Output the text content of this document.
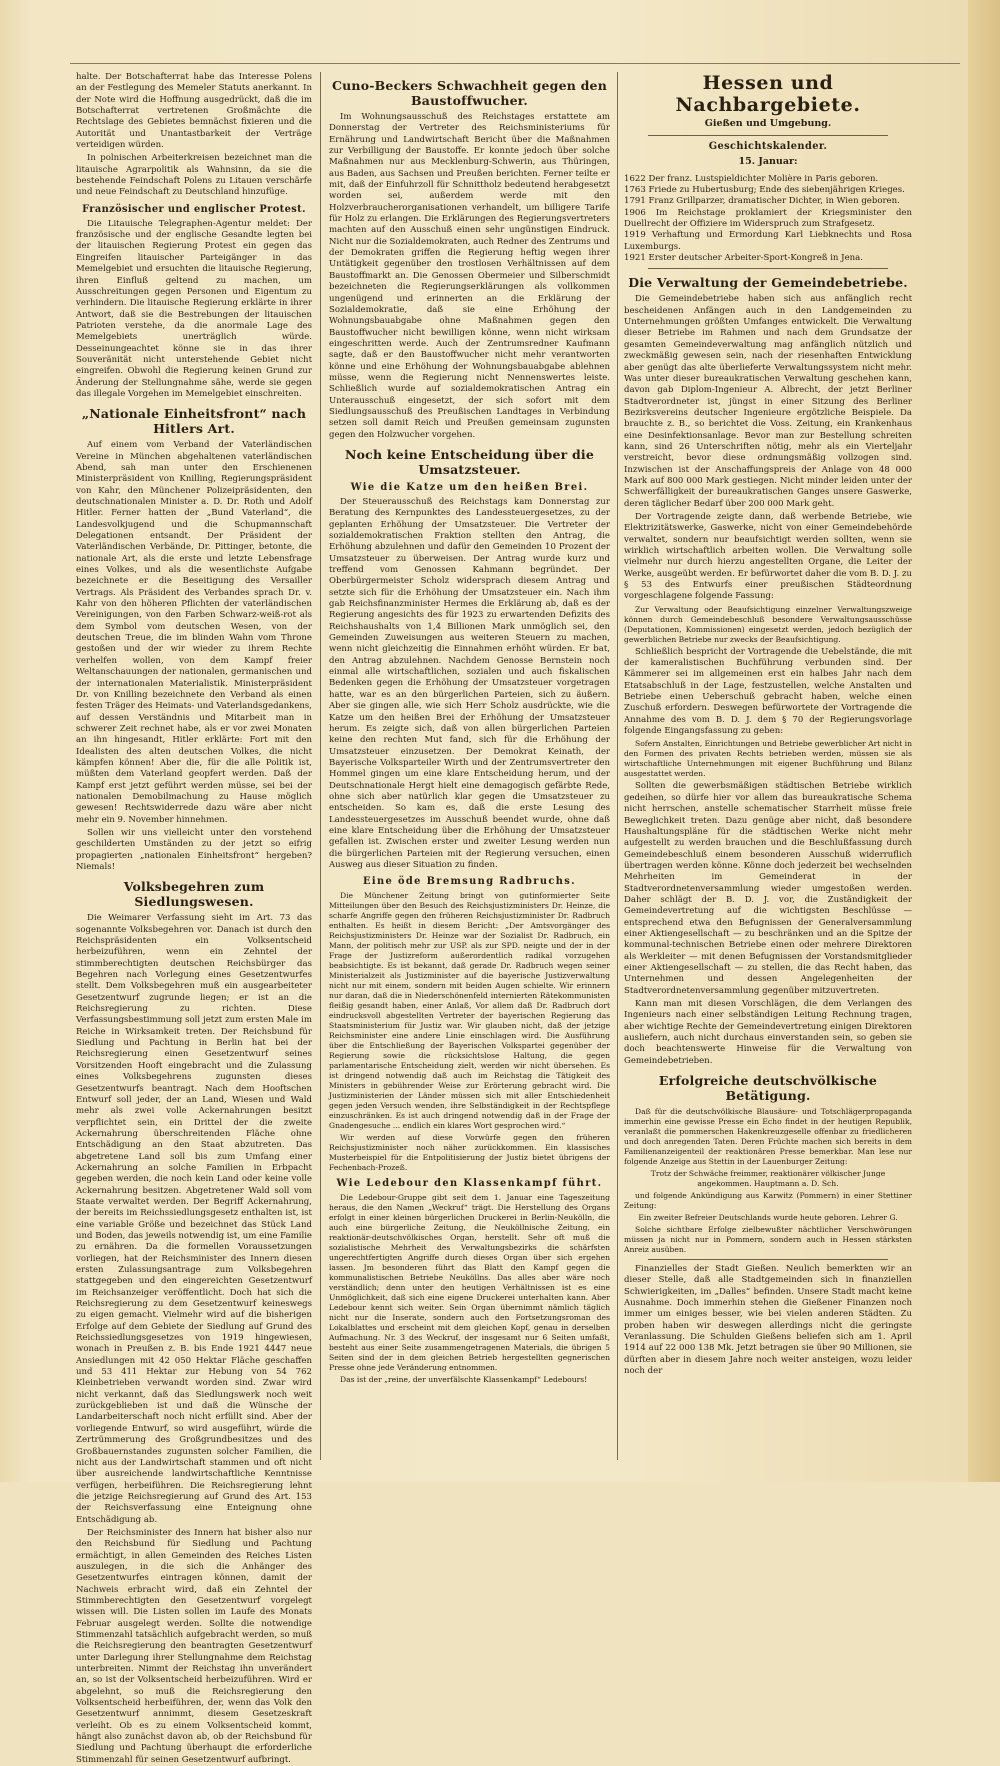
halte. Der Botschafterrat habe das Interesse Polens an der Festlegung des Memeler Statuts anerkannt. In der Note wird die Hoffnung ausgedrückt, daß die im Botschafterrat vertretenen Großmächte die Rechtslage des Gebietes bemnächst fixieren und die Autorität und Unantastbarkeit der Verträge verteidigen würden.

In polnischen Arbeiterkreisen bezeichnet man die litauische Agrarpolitik als Wahnsinn, da sie die bestehende Feindschaft Polens zu Litauen verschärfe und neue Feindschaft zu Deutschland hinzufüge.

Französischer und englischer Protest.

Die Litauische Telegraphen-Agentur meldet: Der französische und der englische Gesandte legten bei der litauischen Regierung Protest ein gegen das Eingreifen litauischer Parteigänger in das Memelgebiet und ersuchten die litauische Regierung, ihren Einfluß geltend zu machen, um Ausschreitungen gegen Personen und Eigentum zu verhindern. Die litauische Regierung erklärte in ihrer Antwort, daß sie die Bestrebungen der litauischen Patrioten verstehe, da die anormale Lage des Memelgebiets unerträglich würde. Desseinungeachtet könne sie in das ihrer Souveränität nicht unterstehende Gebiet nicht eingreifen. Obwohl die Regierung keinen Grund zur Änderung der Stellungnahme sähe, werde sie gegen das illegale Vorgehen im Memelgebiet einschreiten.

„Nationale Einheitsfront“ nach Hitlers Art.

Auf einem vom Verband der Vaterländischen Vereine in München abgehaltenen vaterländischen Abend, sah man unter den Erschienenen Ministerpräsident von Knilling, Regierungspräsident von Kahr, den Münchener Polizeipräsidenten, den deutschnationalen Minister a. D. Dr. Roth und Adolf Hitler. Ferner hatten der „Bund Vaterland“, die Landesvolkjugend und die Schupmannschaft Delegationen entsandt. Der Präsident der Vaterländischen Verbände, Dr. Pittinger, betonte, die nationale Art, als die erste und letzte Lebensfrage eines Volkes, und als die wesentlichste Aufgabe bezeichnete er die Beseitigung des Versailler Vertrags. Als Präsident des Verbandes sprach Dr. v. Kahr von den höheren Pflichten der vaterländischen Vereinigungen, von den Farben Schwarz-weiß-rot als dem Symbol vom deutschen Wesen, von der deutschen Treue, die im blinden Wahn vom Throne gestoßen und der wir wieder zu ihrem Rechte verhelfen wollen, von dem Kampf freier Weltanschauungen der nationalen, germanischen und der internationalen Materialistik. Ministerpräsident Dr. von Knilling bezeichnete den Verband als einen festen Träger des Heimats- und Vaterlandsgedankens, auf dessen Verständnis und Mitarbeit man in schwerer Zeit rechnet habe, als er vor zwei Monaten an ihn hingesandt, Hitler erklärte: Fort mit den Idealisten des alten deutschen Volkes, die nicht kämpfen können! Aber die, für die alle Politik ist, müßten dem Vaterland geopfert werden. Daß der Kampf erst jetzt geführt werden müsse, sei bei der nationalen Demobilmachung zu Hause möglich gewesen! Rechtswiderrede dazu wäre aber nicht mehr ein 9. November hinnehmen.

Sollen wir uns vielleicht unter den vorstehend geschilderten Umständen zu der jetzt so eifrig propagierten „nationalen Einheitsfront“ hergeben? Niemals!

Volksbegehren zum Siedlungswesen.

Die Weimarer Verfassung sieht im Art. 73 das sogenannte Volksbegehren vor. Danach ist durch den Reichspräsidenten ein Volksentscheid herbeizuführen, wenn ein Zehntel der stimmberechtigten deutschen Reichsbürger das Begehren nach Vorlegung eines Gesetzentwurfes stellt. Dem Volksbegehren muß ein ausgearbeiteter Gesetzentwurf zugrunde liegen; er ist an die Reichsregierung zu richten. Diese Verfassungsbestimmung soll jetzt zum ersten Male im Reiche in Wirksamkeit treten. Der Reichsbund für Siedlung und Pachtung in Berlin hat bei der Reichsregierung einen Gesetzentwurf seines Vorsitzenden Hooft eingebracht und die Zulassung eines Volksbegehrens zugunsten dieses Gesetzentwurfs beantragt. Nach dem Hooftschen Entwurf soll jeder, der an Land, Wiesen und Wald mehr als zwei volle Ackernahrungen besitzt verpflichtet sein, ein Drittel der die zweite Ackernahrung überschreitenden Fläche ohne Entschädigung an den Staat abzutreten. Das abgetretene Land soll bis zum Umfang einer Ackernahrung an solche Familien in Erbpacht gegeben werden, die noch kein Land oder keine volle Ackernahrung besitzen. Abgetretener Wald soll vom Staate verwaltet werden. Der Begriff Ackernahrung, der bereits im Reichssiedlungsgesetz enthalten ist, ist eine variable Größe und bezeichnet das Stück Land und Boden, das jeweils notwendig ist, um eine Familie zu ernähren. Da die formellen Voraussetzungen vorliegen, hat der Reichsminister des Innern diesen ersten Zulassungsantrage zum Volksbegehren stattgegeben und den eingereichten Gesetzentwurf im Reichsanzeiger veröffentlicht. Doch hat sich die Reichsregierung zu dem Gesetzentwurf keineswegs zu eigen gemacht. Vielmehr wird auf die bisherigen Erfolge auf dem Gebiete der Siedlung auf Grund des Reichssiedlungsgesetzes von 1919 hingewiesen, wonach in Preußen z. B. bis Ende 1921 4447 neue Ansiedlungen mit 42 050 Hektar Fläche geschaffen und 53 411 Hektar zur Hebung von 54 762 Kleinbetrieben verwandt worden sind. Zwar wird nicht verkannt, daß das Siedlungswerk noch weit zurückgeblieben ist und daß die Wünsche der Landarbeiterschaft noch nicht erfüllt sind. Aber der vorliegende Entwurf, so wird ausgeführt, würde die Zertrümmerung des Großgrundbesitzes und des Großbauernstandes zugunsten solcher Familien, die nicht aus der Landwirtschaft stammen und oft nicht über ausreichende landwirtschaftliche Kenntnisse verfügen, herbeiführen. Die Reichsregierung lehnt die jetzige Reichsregierung auf Grund des Art. 153 der Reichsverfassung eine Enteignung ohne Entschädigung ab.

Der Reichsminister des Innern hat bisher also nur den Reichsbund für Siedlung und Pachtung ermächtigt, in allen Gemeinden des Reiches Listen auszulegen, in die sich die Anhänger des Gesetzentwurfes eintragen können, damit der Nachweis erbracht wird, daß ein Zehntel der Stimmberechtigten den Gesetzentwurf vorgelegt wissen will. Die Listen sollen im Laufe des Monats Februar ausgelegt werden. Sollte die notwendige Stimmenzahl tatsächlich aufgebracht werden, so muß die Reichsregierung den beantragten Gesetzentwurf unter Darlegung ihrer Stellungnahme dem Reichstag unterbreiten. Nimmt der Reichstag ihn unverändert an, so ist der Volksentscheid herbeizuführen. Wird er abgelehnt, so muß die Reichsregierung den Volksentscheid herbeiführen, der, wenn das Volk den Gesetzentwurf annimmt, diesem Gesetzeskraft verleiht. Ob es zu einem Volksentscheid kommt, hängt also zunächst davon ab, ob der Reichsbund für Siedlung und Pachtung überhaupt die erforderliche Stimmenzahl für seinen Gesetzentwurf aufbringt.

Cuno-Beckers Schwachheit gegen den Baustoffwucher.

Im Wohnungsausschuß des Reichstages erstattete am Donnerstag der Vertreter des Reichsministeriums für Ernährung und Landwirtschaft Bericht über die Maßnahmen zur Verbilligung der Baustoffe. Er konnte jedoch über solche Maßnahmen nur aus Mecklenburg-Schwerin, aus Thüringen, aus Baden, aus Sachsen und Preußen berichten. Ferner teilte er mit, daß der Einfuhrzoll für Schnittholz bedeutend herabgesetzt worden sei, außerdem werde mit den Holzverbraucherorganisationen verhandelt, um billigere Tarife für Holz zu erlangen. Die Erklärungen des Regierungsvertreters machten auf den Ausschuß einen sehr ungünstigen Eindruck. Nicht nur die Sozialdemokraten, auch Redner des Zentrums und der Demokraten griffen die Regierung heftig wegen ihrer Untätigkeit gegenüber den trostlosen Verhältnissen auf dem Baustoffmarkt an. Die Genossen Obermeier und Silberschmidt bezeichneten die Regierungserklärungen als vollkommen ungenügend und erinnerten an die Erklärung der Sozialdemokratie, daß sie eine Erhöhung der Wohnungsbauabgabe ohne Maßnahmen gegen den Baustoffwucher nicht bewilligen könne, wenn nicht wirksam eingeschritten werde. Auch der Zentrumsredner Kaufmann sagte, daß er den Baustoffwucher nicht mehr verantworten könne und eine Erhöhung der Wohnungsbauabgabe ablehnen müsse, wenn die Regierung nicht Nennenswertes leiste. Schließlich wurde auf sozialdemokratischen Antrag ein Unterausschuß eingesetzt, der sich sofort mit dem Siedlungsausschuß des Preußischen Landtages in Verbindung setzen soll damit Reich und Preußen gemeinsam zugunsten gegen den Holzwucher vorgehen.

Noch keine Entscheidung über die Umsatzsteuer.
Wie die Katze um den heißen Brei.

Der Steuerausschuß des Reichstags kam Donnerstag zur Beratung des Kernpunktes des Landessteuergesetzes, zu der geplanten Erhöhung der Umsatzsteuer. Die Vertreter der sozialdemokratischen Fraktion stellten den Antrag, die Erhöhung abzulehnen und dafür den Gemeinden 10 Prozent der Umsatzsteuer zu überweisen. Der Antrag wurde kurz und treffend vom Genossen Kahmann begründet. Der Oberbürgermeister Scholz widersprach diesem Antrag und setzte sich für die Erhöhung der Umsatzsteuer ein. Nach ihm gab Reichsfinanzminister Hermes die Erklärung ab, daß es der Regierung angesichts des für 1923 zu erwartenden Defizits des Reichshaushalts von 1,4 Billionen Mark unmöglich sei, den Gemeinden Zuweisungen aus weiteren Steuern zu machen, wenn nicht gleichzeitig die Einnahmen erhöht würden. Er bat, den Antrag abzulehnen. Nachdem Genosse Bernstein noch einmal alle wirtschaftlichen, sozialen und auch fiskalischen Bedenken gegen die Erhöhung der Umsatzsteuer vorgetragen hatte, war es an den bürgerlichen Parteien, sich zu äußern. Aber sie gingen alle, wie sich Herr Scholz ausdrückte, wie die Katze um den heißen Brei der Erhöhung der Umsatzsteuer herum. Es zeigte sich, daß von allen bürgerlichen Parteien keine den rechten Mut fand, sich für die Erhöhung der Umsatzsteuer einzusetzen. Der Demokrat Keinath, der Bayerische Volksparteiler Wirth und der Zentrumsvertreter den Hommel gingen um eine klare Entscheidung herum, und der Deutschnationale Hergt hielt eine demagogisch gefärbte Rede, ohne sich aber natürlich klar gegen die Umsatzsteuer zu entscheiden. So kam es, daß die erste Lesung des Landessteuergesetzes im Ausschuß beendet wurde, ohne daß eine klare Entscheidung über die Erhöhung der Umsatzsteuer gefallen ist. Zwischen erster und zweiter Lesung werden nun die bürgerlichen Parteien mit der Regierung versuchen, einen Ausweg aus dieser Situation zu finden.

Eine öde Bremsung Radbruchs.

Die Münchener Zeitung bringt von gutinformierter Seite Mitteilungen über den Besuch des Reichsjustizministers Dr. Heinze, die scharfe Angriffe gegen den früheren Reichsjustizminister Dr. Radbruch enthalten. Es heißt in diesem Bericht: „Der Amtsvorgänger des Reichsjustizministers Dr. Heinze war der Sozialist Dr. Radbruch, ein Mann, der politisch mehr zur USP. als zur SPD. neigte und der in der Frage der Justizreform außerordentlich radikal vorzugehen beabsichtigte. Es ist bekannt, daß gerade Dr. Radbruch wegen seiner Ministerialzeit als Justizminister auf die bayerische Justizverwaltung nicht nur mit einem, sondern mit beiden Augen schielte. Wir erinnern nur daran, daß die in Niederschönenfeld internierten Rätekommunisten fleißig gesandt haben, einer Anlaß, Vor allem daß Dr. Radbruch dort eindrucksvoll abgestellten Vertreter der bayerischen Regierung das Staatsministerium für Justiz war. Wir glauben nicht, daß der jetzige Reichsminister eine andere Linie einschlagen wird. Die Ausführung über die Entschließung der Bayerischen Volkspartei gegenüber der Regierung sowie die rücksichtslose Haltung, die gegen parlamentarische Entscheidung zielt, werden wir nicht übersehen. Es ist dringend notwendig daß auch im Reichstag die Tätigkeit des Ministers in gebührender Weise zur Erörterung gebracht wird. Die Justizministerien der Länder müssen sich mit aller Entschiedenheit gegen jeden Versuch wenden, ihre Selbständigkeit in der Rechtspflege einzuschränken. Es ist auch dringend notwendig daß in der Frage der Gnadengesuche ... endlich ein klares Wort gesprochen wird.“

Wir werden auf diese Vorwürfe gegen den früheren Reichsjustizminister noch näher zurückkommen. Ein klassisches Musterbeispiel für die Entpolitisierung der Justiz bietet übrigens der Fechenbach-Prozeß.

Wie Ledebour den Klassenkampf führt.

Die Ledebour-Gruppe gibt seit dem 1. Januar eine Tageszeitung heraus, die den Namen „Weckruf“ trägt. Die Herstellung des Organs erfolgt in einer kleinen bürgerlichen Druckerei in Berlin-Neukölln, die auch eine bürgerliche Zeitung, die Neuköllnische Zeitung, ein reaktionär-deutschvölkisches Organ, herstellt. Sehr oft muß die sozialistische Mehrheit des Verwaltungsbezirks die schärfsten ungerechtfertigten Angriffe durch dieses Organ über sich ergehen lassen. Jm besonderen führt das Blatt den Kampf gegen die kommunalistischen Betriebe Neuköllns. Das alles aber wäre noch verständlich; denn unter den heutigen Verhältnissen ist es eine Unmöglichkeit, daß sich eine eigene Druckerei unterhalten kann. Aber Ledebour kennt sich weiter. Sein Organ übernimmt nämlich täglich nicht nur die Inserate, sondern auch den Fortsetzungsroman des Lokalblattes und erscheint mit dem gleichen Kopf, genau in derselben Aufmachung. Nr. 3 des Weckruf, der insgesamt nur 6 Seiten umfaßt, besteht aus einer Seite zusammengetragenen Materials, die übrigen 5 Seiten sind der in dem gleichen Betrieb hergestellten gegnerischen Presse ohne jede Veränderung entnommen.

Das ist der „reine, der unverfälschte Klassenkampf“ Ledebours!

Hessen und Nachbargebiete.
Gießen und Umgebung.
Geschichtskalender.
15. Januar:

1622 Der franz. Lustspieldichter Molière in Paris geboren.

1763 Friede zu Hubertusburg; Ende des siebenjährigen Krieges.

1791 Franz Grillparzer, dramatischer Dichter, in Wien geboren.

1906 Im Reichstage proklamiert der Kriegsminister den Duellrecht der Offiziere im Widerspruch zum Strafgesetz.

1919 Verhaftung und Ermordung Karl Liebknechts und Rosa Luxemburgs.

1921 Erster deutscher Arbeiter-Sport-Kongreß in Jena.

Die Verwaltung der Gemeindebetriebe.

Die Gemeindebetriebe haben sich aus anfänglich recht bescheidenen Anfängen auch in den Landgemeinden zu Unternehmungen größten Umfanges entwickelt. Die Verwaltung dieser Betriebe im Rahmen und nach dem Grundsatze der gesamten Gemeindeverwaltung mag anfänglich nützlich und zweckmäßig gewesen sein, nach der riesenhaften Entwicklung aber genügt das alte überlieferte Verwaltungssystem nicht mehr. Was unter dieser bureaukratischen Verwaltung geschehen kann, davon gab Diplom-Ingenieur A. Albrecht, der jetzt Berliner Stadtverordneter ist, jüngst in einer Sitzung des Berliner Bezirksvereins deutscher Ingenieure ergötzliche Beispiele. Da brauchte z. B., so berichtet die Voss. Zeitung, ein Krankenhaus eine Desinfektionsanlage. Bevor man zur Bestellung schreiten kann, sind 26 Unterschriften nötig, mehr als ein Vierteljahr verstreicht, bevor diese ordnungsmäßig vollzogen sind. Inzwischen ist der Anschaffungspreis der Anlage von 48 000 Mark auf 800 000 Mark gestiegen. Nicht minder leiden unter der Schwerfälligkeit der bureaukratischen Ganges unsere Gaswerke, deren täglicher Bedarf über 200 000 Mark geht.

Der Vortragende zeigte dann, daß werbende Betriebe, wie Elektrizitätswerke, Gaswerke, nicht von einer Gemeindebehörde verwaltet, sondern nur beaufsichtigt werden sollten, wenn sie wirklich wirtschaftlich arbeiten wollen. Die Verwaltung solle vielmehr nur durch hierzu angestellten Organe, die Leiter der Werke, ausgeübt werden. Er befürwortet daher die vom B. D. J. zu § 53 des Entwurfs einer preußischen Städteordnung vorgeschlagene folgende Fassung:

Zur Verwaltung oder Beaufsichtigung einzelner Verwaltungszweige können durch Gemeindebeschluß besondere Verwaltungsausschüsse (Deputationen, Kommissionen) eingesetzt werden, jedoch bezüglich der gewerblichen Betriebe nur zwecks der Beaufsichtigung.

Schließlich bespricht der Vortragende die Uebelstände, die mit der kameralistischen Buchführung verbunden sind. Der Kämmerer sei im allgemeinen erst ein halbes Jahr nach dem Etatsabschluß in der Lage, festzustellen, welche Anstalten und Betriebe einen Ueberschuß gebracht haben, welche einen Zuschuß erfordern. Deswegen befürwortete der Vortragende die Annahme des vom B. D. J. dem § 70 der Regierungsvorlage folgende Eingangsfassung zu geben:

Sofern Anstalten, Einrichtungen und Betriebe gewerblicher Art nicht in den Formen des privaten Rechts betrieben werden, müssen sie als wirtschaftliche Unternehmungen mit eigener Buchführung und Bilanz ausgestattet werden.

Sollten die gewerbsmäßigen städtischen Betriebe wirklich gedeihen, so dürfe hier vor allem das bureaukratische Schema nicht herrschen, anstelle schematischer Starrheit müsse freie Beweglichkeit treten. Dazu genüge aber nicht, daß besondere Haushaltungspläne für die städtischen Werke nicht mehr aufgestellt zu werden brauchen und die Beschlußfassung durch Gemeindebeschluß einem besonderen Ausschuß widerruflich übertragen werden könne. Könne doch jederzeit bei wechselnden Mehrheiten im Gemeinderat in der Stadtverordnetenversammlung wieder umgestoßen werden. Daher schlägt der B. D. J. vor, die Zuständigkeit der Gemeindevertretung auf die wichtigsten Beschlüsse — entsprechend etwa den Befugnissen der Generalversammlung einer Aktiengesellschaft — zu beschränken und an die Spitze der kommunal-technischen Betriebe einen oder mehrere Direktoren als Werkleiter — mit denen Befugnissen der Vorstandsmitglieder einer Aktiengesellschaft — zu stellen, die das Recht haben, das Unternehmen und dessen Angelegenheiten der Stadtverordnetenversammlung gegenüber mitzuvertreten.

Kann man mit diesen Vorschlägen, die dem Verlangen des Ingenieurs nach einer selbständigen Leitung Rechnung tragen, aber wichtige Rechte der Gemeindevertretung einigen Direktoren ausliefern, auch nicht durchaus einverstanden sein, so geben sie doch beachtenswerte Hinweise für die Verwaltung von Gemeindebetrieben.

Erfolgreiche deutschvölkische Betätigung.

Daß für die deutschvölkische Blausäure- und Totschlägerpropaganda immerhin eine gewisse Presse ein Echo findet in der heutigen Republik, veranlaßt die pommerschen Hakenkreuzgeselle offenbar zu friedlicheren und doch anregenden Taten. Deren Früchte machen sich bereits in dem Familienanzeigenteil der reaktionären Presse bemerkbar. Man lese nur folgende Anzeige aus Stettin in der Lauenburger Zeitung:

Trotz der Schwäche freimmer, reaktionärer völkischer Junge angekommen. Hauptmann a. D. Sch.

und folgende Ankündigung aus Karwitz (Pommern) in einer Stettiner Zeitung:

Ein zweiter Befreier Deutschlands wurde heute geboren. Lehrer G.

Solche sichtbare Erfolge zielbewußter nächtlicher Verschwörungen müssen ja nicht nur in Pommern, sondern auch in Hessen stärksten Anreiz ausüben.

Finanzielles der Stadt Gießen. Neulich bemerkten wir an dieser Stelle, daß alle Stadtgemeinden sich in finanziellen Schwierigkeiten, im „Dalles“ befinden. Unsere Stadt macht keine Ausnahme. Doch immerhin stehen die Gießener Finanzen noch immer um einiges besser, wie bei vielen anderen Städten. Zu proben haben wir deswegen allerdings nicht die geringste Veranlassung. Die Schulden Gießens beliefen sich am 1. April 1914 auf 22 000 138 Mk. Jetzt betragen sie über 90 Millionen, sie dürften aber in diesem Jahre noch weiter ansteigen, wozu leider noch der
